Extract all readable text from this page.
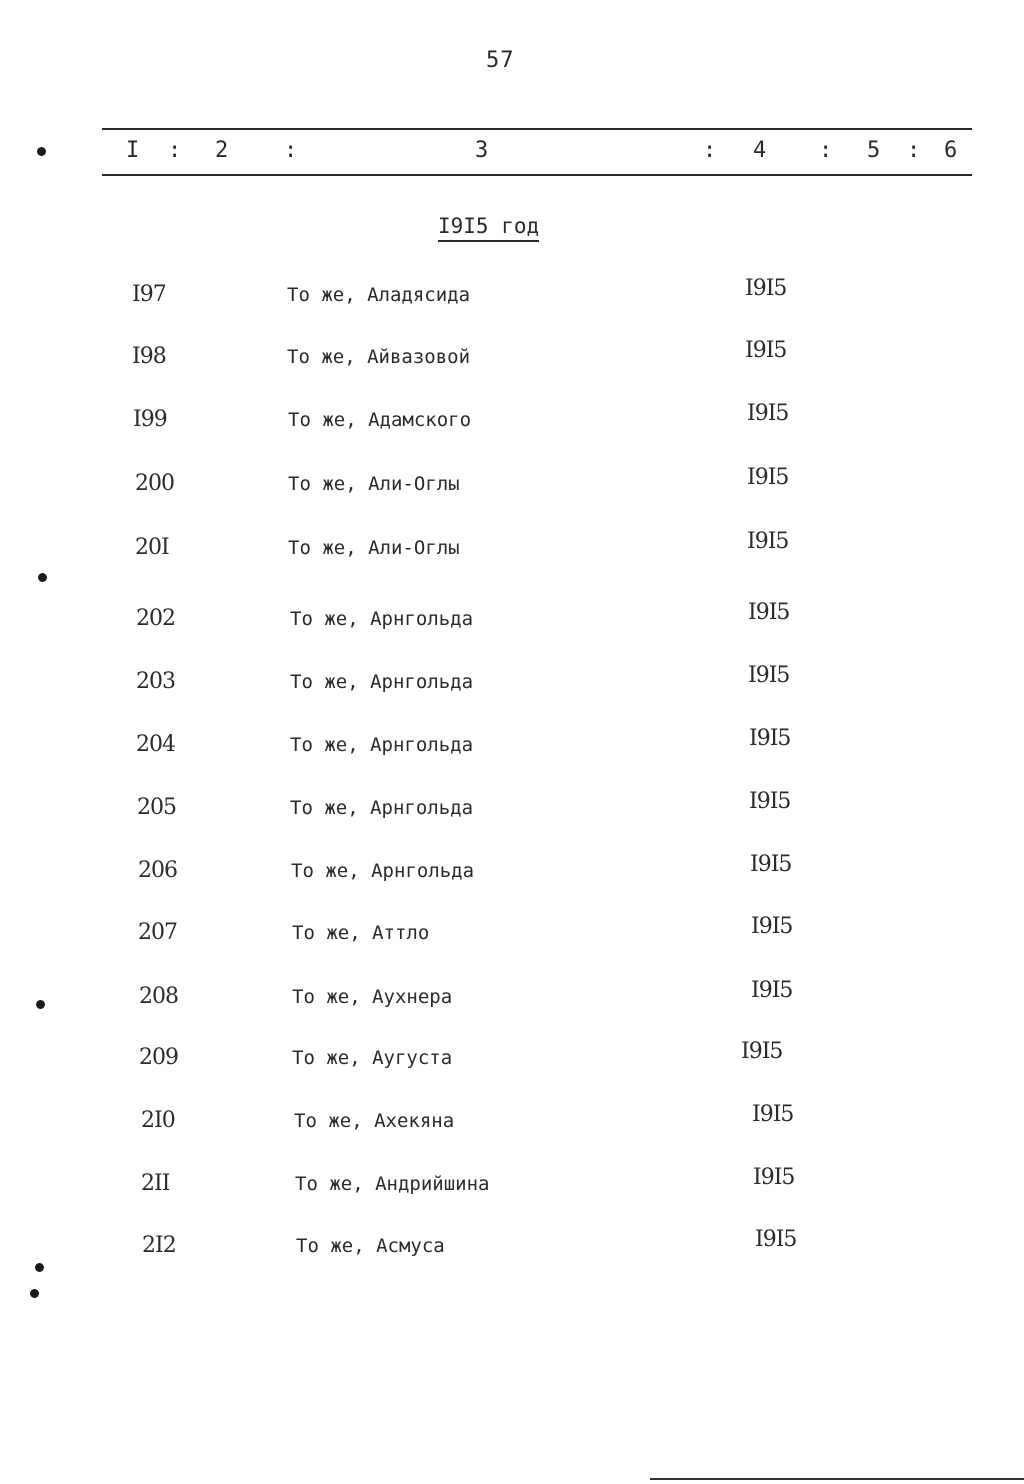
57
I : 2	:	3	: 4 : 5 : 6
I9I5 год
I97	То же, Аладясида	I9I5
I98	То же, Айвазовой	I9I5
I99	То же, Адамского	I9I5
200	То же, Али-Оглы	I9I5
20I	То же, Али-Оглы	I9I5
202	То же, Арнгольда	I9I5
203	То же, Арнгольда	I9I5
204	То же, Арнгольда	I9I5
205	То же, Арнгольда	I9I5
206	То же, Арнгольда	I9I5
207	То же, Аттло	I9I5
208	То же, Аухнера	I9I5
209	То же, Аугуста	I9I5
2I0	То же, Ахекяна	I9I5
2II	То же, Андрийшина	I9I5
2I2	То же, Асмуса	I9I5
